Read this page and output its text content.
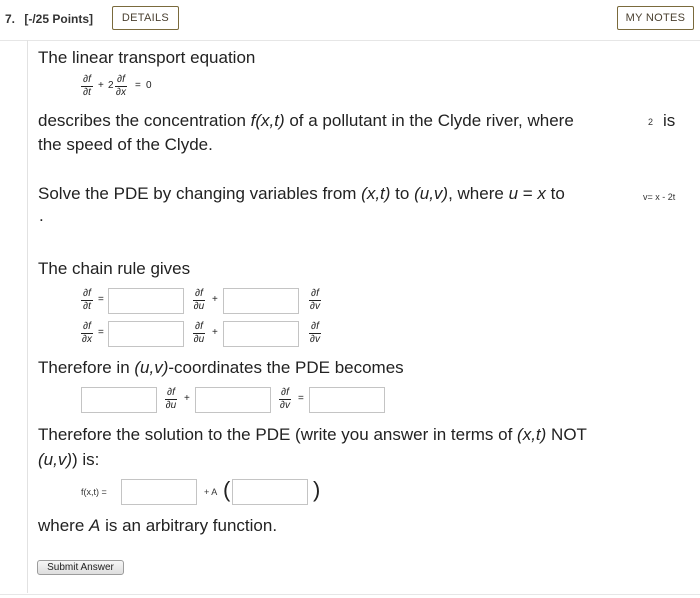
7. [-/25 Points]	DETAILS	MY NOTES
The linear transport equation
∂f
∂t
+ 2
∂f
∂x
= 0
describes the concentration f(x,t) of a pollutant in the Clyde river, where	2 is
the speed of the Clyde.
Solve the PDE by changing variables from (x,t) to (u,v), where u = x to	v= x - 2t
.
The chain rule gives
∂f
∂t
=
∂f
∂u
+
∂f
∂v
∂f
∂x
=
∂f
∂u
+
∂f
∂v
Therefore in (u,v)-coordinates the PDE becomes
∂f
∂u
+
∂f
∂v
=
Therefore the solution to the PDE (write you answer in terms of (x,t) NOT
(u,v)) is:
f(x,t) =	+ A (	)
where A is an arbitrary function.
Submit Answer
